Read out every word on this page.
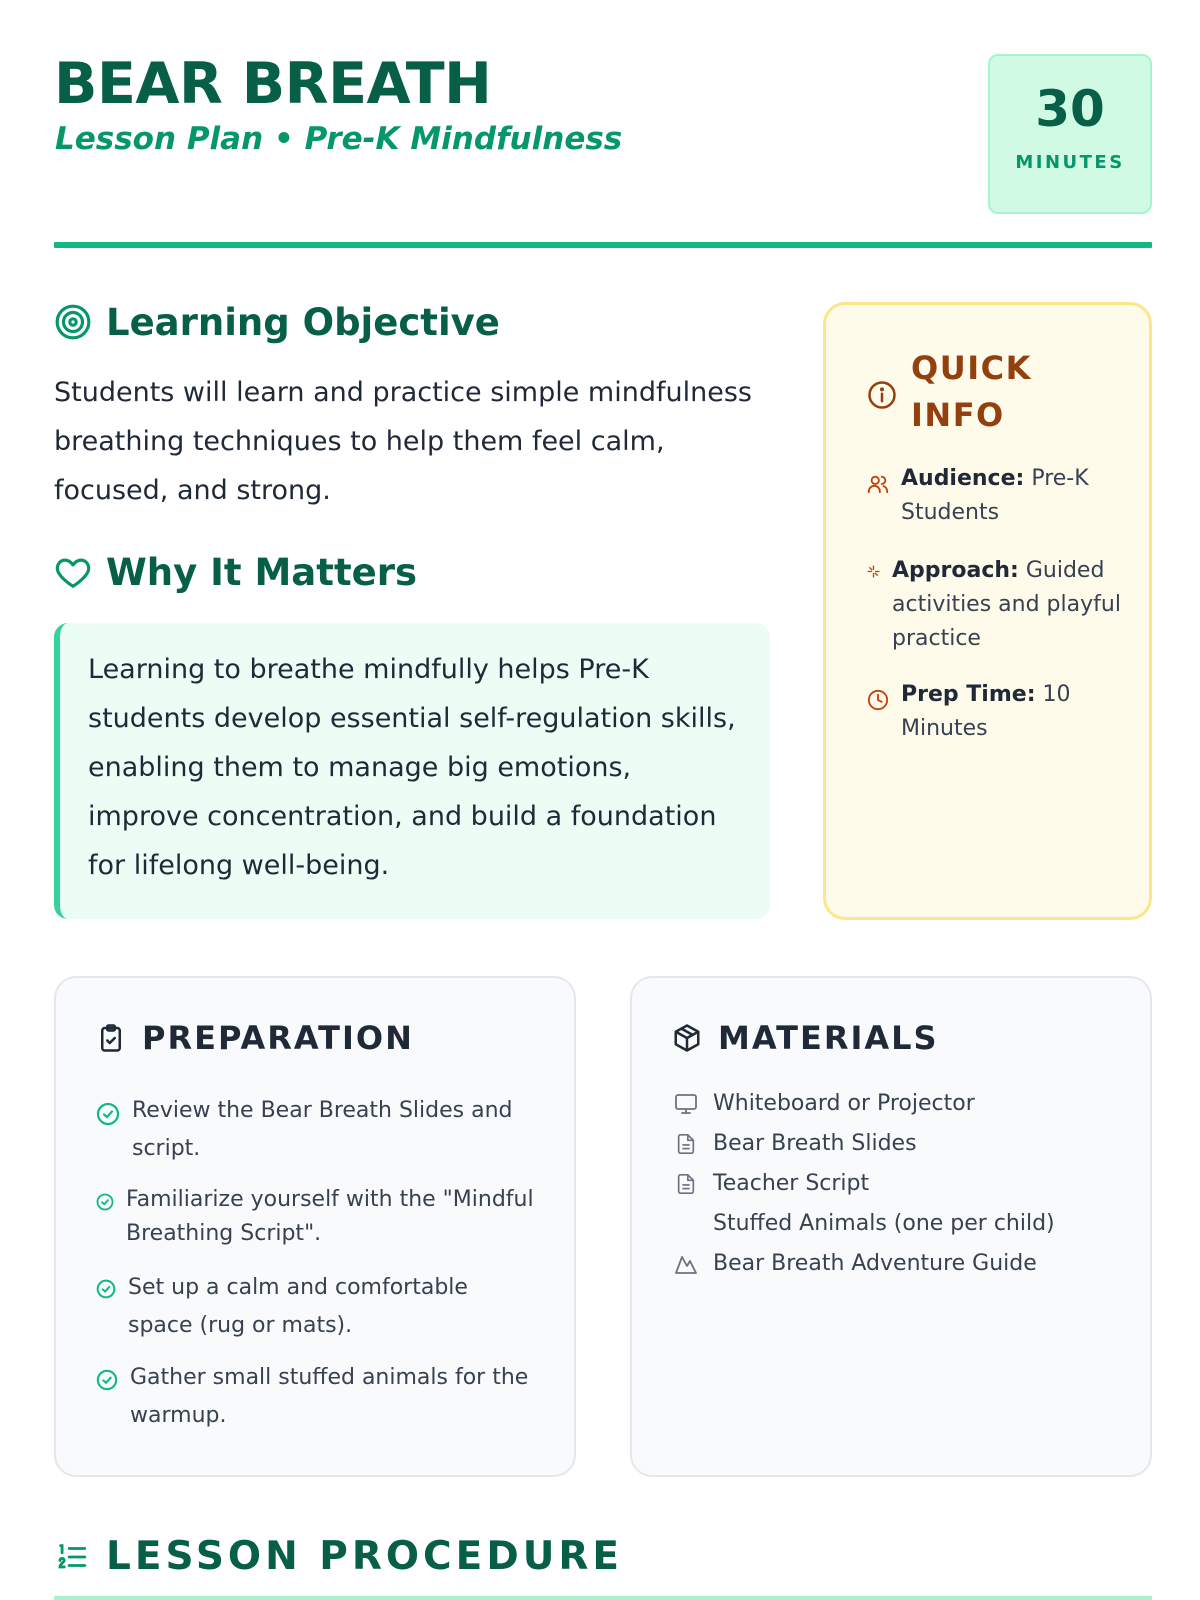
BEAR BREATH
Lesson Plan • Pre-K Mindfulness
30
MINUTES
Learning Objective

Students will learn and practice simple mindfulness breathing techniques to help them feel calm, focused, and strong.

Why It Matters

Learning to breathe mindfully helps Pre-K students develop essential self-regulation skills, enabling them to manage big emotions, improve concentration, and build a foundation for lifelong well-being.

QUICK INFO
Audience: Pre-K Students
Approach: Guided activities and playful practice
Prep Time: 10 Minutes
PREPARATION
Review the Bear Breath Slides and script.
Familiarize yourself with the "Mindful Breathing Script".
Set up a calm and comfortable space (rug or mats).
Gather small stuffed animals for the warmup.
MATERIALS
Whiteboard or Projector
Bear Breath Slides
Teacher Script
Stuffed Animals (one per child)
Bear Breath Adventure Guide
LESSON PROCEDURE
